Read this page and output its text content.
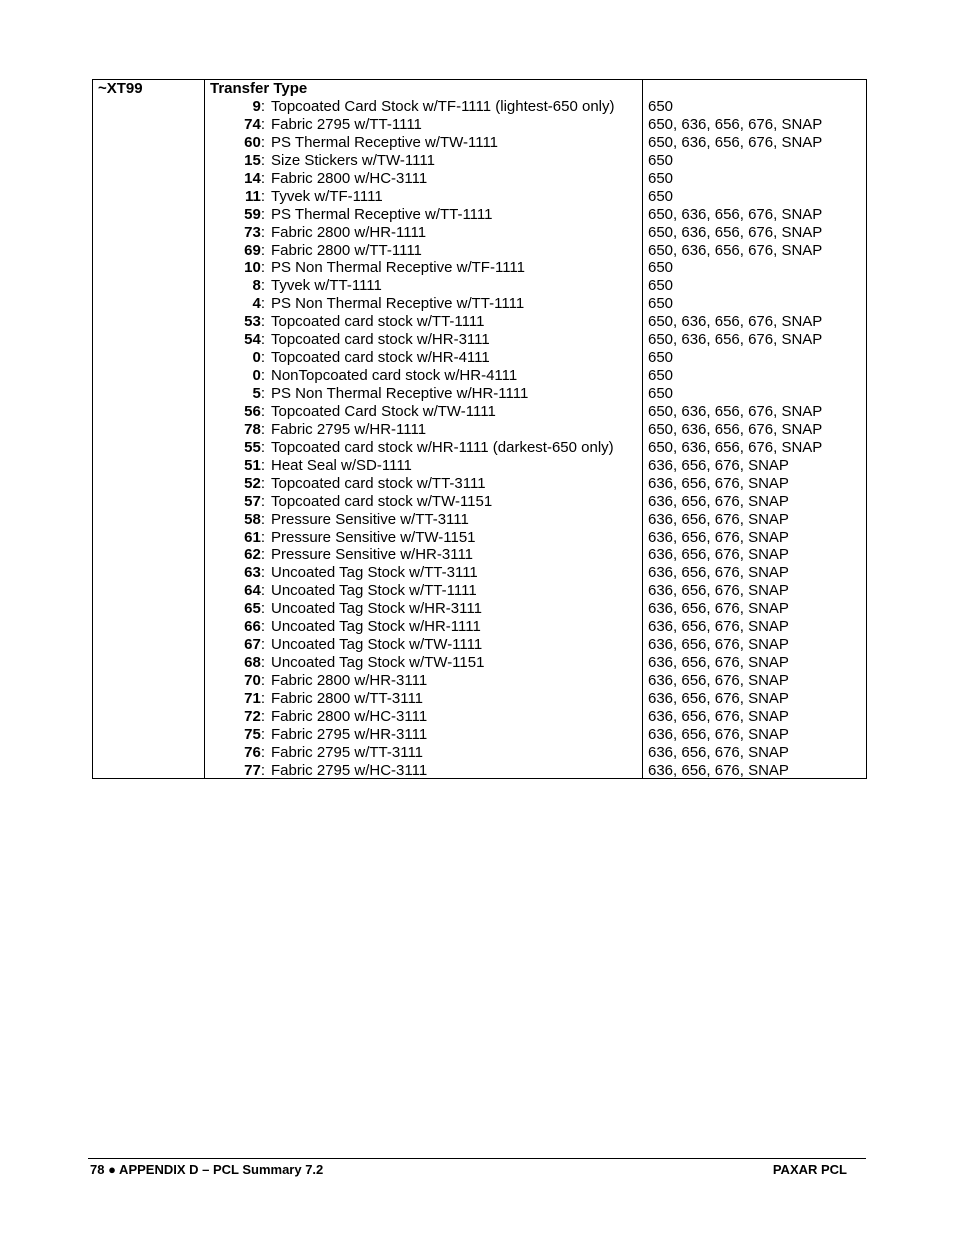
~XT99	Transfer Type
9: Topcoated Card Stock w/TF-1111 (lightest-650 only)
74: Fabric 2795 w/TT-1111
60: PS Thermal Receptive w/TW-1111
15: Size Stickers w/TW-1111
14: Fabric 2800 w/HC-3111
11: Tyvek w/TF-1111
59: PS Thermal Receptive w/TT-1111
73: Fabric 2800 w/HR-1111
69: Fabric 2800 w/TT-1111
10: PS Non Thermal Receptive w/TF-1111
8: Tyvek w/TT-1111
4: PS Non Thermal Receptive w/TT-1111
53: Topcoated card stock w/TT-1111
54: Topcoated card stock w/HR-3111
0: Topcoated card stock w/HR-4111
0: NonTopcoated card stock w/HR-4111
5: PS Non Thermal Receptive w/HR-1111
56: Topcoated Card Stock w/TW-1111
78: Fabric 2795 w/HR-1111
55: Topcoated card stock w/HR-1111 (darkest-650 only)
51: Heat Seal w/SD-1111
52: Topcoated card stock w/TT-3111
57: Topcoated card stock w/TW-1151
58: Pressure Sensitive w/TT-3111
61: Pressure Sensitive w/TW-1151
62: Pressure Sensitive w/HR-3111
63: Uncoated Tag Stock w/TT-3111
64: Uncoated Tag Stock w/TT-1111
65: Uncoated Tag Stock w/HR-3111
66: Uncoated Tag Stock w/HR-1111
67: Uncoated Tag Stock w/TW-1111
68: Uncoated Tag Stock w/TW-1151
70: Fabric 2800 w/HR-3111
71: Fabric 2800 w/TT-3111
72: Fabric 2800 w/HC-3111
75: Fabric 2795 w/HR-3111
76: Fabric 2795 w/TT-3111
77: Fabric 2795 w/HC-3111
650
650, 636, 656, 676, SNAP
650, 636, 656, 676, SNAP
650
650
650
650, 636, 656, 676, SNAP
650, 636, 656, 676, SNAP
650, 636, 656, 676, SNAP
650
650
650
650, 636, 656, 676, SNAP
650, 636, 656, 676, SNAP
650
650
650
650, 636, 656, 676, SNAP
650, 636, 656, 676, SNAP
650, 636, 656, 676, SNAP
636, 656, 676, SNAP
636, 656, 676, SNAP
636, 656, 676, SNAP
636, 656, 676, SNAP
636, 656, 676, SNAP
636, 656, 676, SNAP
636, 656, 676, SNAP
636, 656, 676, SNAP
636, 656, 676, SNAP
636, 656, 676, SNAP
636, 656, 676, SNAP
636, 656, 676, SNAP
636, 656, 676, SNAP
636, 656, 676, SNAP
636, 656, 676, SNAP
636, 656, 676, SNAP
636, 656, 676, SNAP
636, 656, 676, SNAP
78 ● APPENDIX D – PCL Summary 7.2	PAXAR PCL
